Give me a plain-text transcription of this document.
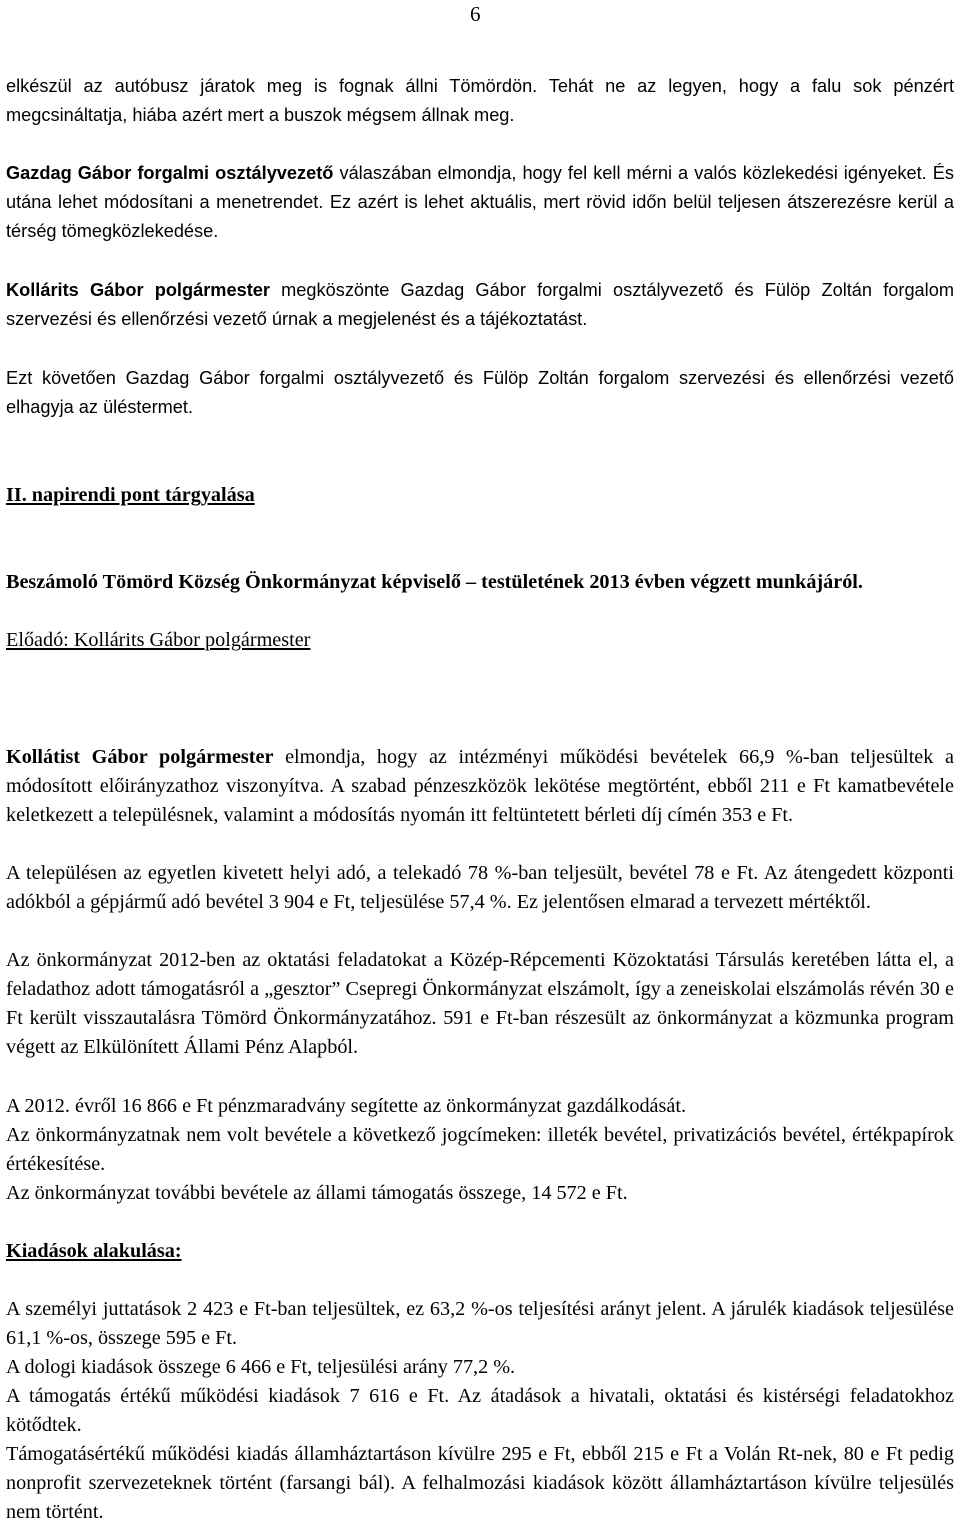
6

elkészül az autóbusz járatok meg is fognak állni Tömördön. Tehát ne az legyen, hogy a falu sok pénzért megcsináltatja, hiába azért mert a buszok mégsem állnak meg.

Gazdag Gábor forgalmi osztályvezető válaszában elmondja, hogy fel kell mérni a valós közlekedési igényeket. És utána lehet módosítani a menetrendet. Ez azért is lehet aktuális, mert rövid időn belül teljesen átszerezésre kerül a térség tömegközlekedése.

Kollárits Gábor polgármester megköszönte Gazdag Gábor forgalmi osztályvezető és Fülöp Zoltán forgalom szervezési és ellenőrzési vezető úrnak a megjelenést és a tájékoztatást.

Ezt követően Gazdag Gábor forgalmi osztályvezető és Fülöp Zoltán forgalom szervezési és ellenőrzési vezető elhagyja az üléstermet.

II. napirendi pont tárgyalása

Beszámoló Tömörd Község Önkormányzat képviselő – testületének 2013 évben végzett munkájáról.

Előadó: Kollárits Gábor polgármester

Kollátist Gábor polgármester elmondja, hogy az intézményi működési bevételek 66,9 %-ban teljesültek a módosított előirányzathoz viszonyítva. A szabad pénzeszközök lekötése megtörtént, ebből 211 e Ft kamatbevétele keletkezett a településnek, valamint a módosítás nyomán itt feltüntetett bérleti díj címén 353 e Ft.

A településen az egyetlen kivetett helyi adó, a telekadó 78 %-ban teljesült, bevétel 78 e Ft. Az átengedett központi adókból a gépjármű adó bevétel 3 904 e Ft, teljesülése 57,4 %. Ez jelentősen elmarad a tervezett mértéktől.

Az önkormányzat 2012-ben az oktatási feladatokat a Közép-Répcementi Közoktatási Társulás keretében látta el, a feladathoz adott támogatásról a „gesztor” Csepregi Önkormányzat elszámolt, így a zeneiskolai elszámolás révén 30 e Ft került visszautalásra Tömörd Önkormányzatához. 591 e Ft-ban részesült az önkormányzat a közmunka program végett az Elkülönített Állami Pénz Alapból.

A 2012. évről 16 866 e Ft pénzmaradvány segítette az önkormányzat gazdálkodását.

Az önkormányzatnak nem volt bevétele a következő jogcímeken: illeték bevétel, privatizációs bevétel, értékpapírok értékesítése.

Az önkormányzat további bevétele az állami támogatás összege, 14 572 e Ft.

Kiadások alakulása:

A személyi juttatások 2 423 e Ft-ban teljesültek, ez 63,2 %-os teljesítési arányt jelent. A járulék kiadások teljesülése 61,1 %-os, összege 595 e Ft.

A dologi kiadások összege 6 466 e Ft, teljesülési arány 77,2 %.

A támogatás értékű működési kiadások 7 616 e Ft. Az átadások a hivatali, oktatási és kistérségi feladatokhoz kötődtek.

Támogatásértékű működési kiadás államháztartáson kívülre 295 e Ft, ebből 215 e Ft a Volán Rt-nek, 80 e Ft pedig nonprofit szervezeteknek történt (farsangi bál). A felhalmozási kiadások között államháztartáson kívülre teljesülés nem történt.
